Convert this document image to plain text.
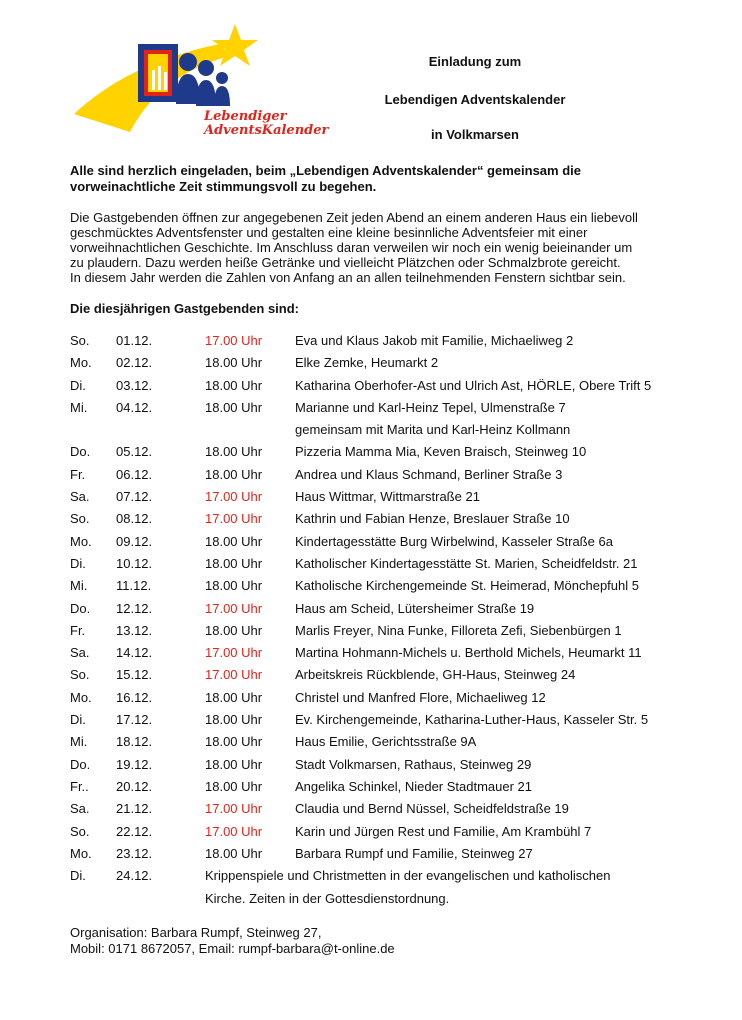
Lebendiger
AdventsKalender
Einladung zum
Lebendigen Adventskalender
in Volkmarsen
Alle sind herzlich eingeladen, beim „Lebendigen Adventskalender“ gemeinsam die vorweinachtliche Zeit stimmungsvoll zu begehen.

Die Gastgebenden öffnen zur angegebenen Zeit jeden Abend an einem anderen Haus ein liebevoll

geschmücktes Adventsfenster und gestalten eine kleine besinnliche Adventsfeier mit einer

vorweihnachtlichen Geschichte. Im Anschluss daran verweilen wir noch ein wenig beieinander um

zu plaudern. Dazu werden heiße Getränke und vielleicht Plätzchen oder Schmalzbrote gereicht.

In diesem Jahr werden die Zahlen von Anfang an an allen teilnehmenden Fenstern sichtbar sein.

Die diesjährigen Gastgebenden sind:
So. 01.12.	17.00 Uhr	Eva und Klaus Jakob mit Familie, Michaeliweg 2
Mo. 02.12.	18.00 Uhr	Elke Zemke, Heumarkt 2
Di. 03.12.	18.00 Uhr	Katharina Oberhofer-Ast und Ulrich Ast, HÖRLE, Obere Trift 5
Mi. 04.12.	18.00 Uhr	Marianne und Karl-Heinz Tepel, Ulmenstraße 7
gemeinsam mit Marita und Karl-Heinz Kollmann
Do. 05.12.	18.00 Uhr	Pizzeria Mamma Mia, Keven Braisch, Steinweg 10
Fr. 06.12.	18.00 Uhr	Andrea und Klaus Schmand, Berliner Straße 3
Sa. 07.12.	17.00 Uhr	Haus Wittmar, Wittmarstraße 21
So. 08.12.	17.00 Uhr	Kathrin und Fabian Henze, Breslauer Straße 10
Mo. 09.12.	18.00 Uhr	Kindertagesstätte Burg Wirbelwind, Kasseler Straße 6a
Di. 10.12.	18.00 Uhr	Katholischer Kindertagesstätte St. Marien, Scheidfeldstr. 21
Mi. 11.12.	18.00 Uhr	Katholische Kirchengemeinde St. Heimerad, Mönchepfuhl 5
Do. 12.12.	17.00 Uhr	Haus am Scheid, Lütersheimer Straße 19
Fr. 13.12.	18.00 Uhr	Marlis Freyer, Nina Funke, Filloreta Zefi, Siebenbürgen 1
Sa. 14.12.	17.00 Uhr	Martina Hohmann-Michels u. Berthold Michels, Heumarkt 11
So. 15.12.	17.00 Uhr	Arbeitskreis Rückblende, GH-Haus, Steinweg 24
Mo. 16.12.	18.00 Uhr	Christel und Manfred Flore, Michaeliweg 12
Di. 17.12.	18.00 Uhr	Ev. Kirchengemeinde, Katharina-Luther-Haus, Kasseler Str. 5
Mi. 18.12.	18.00 Uhr	Haus Emilie, Gerichtsstraße 9A
Do. 19.12.	18.00 Uhr	Stadt Volkmarsen, Rathaus, Steinweg 29
Fr.. 20.12.	18.00 Uhr	Angelika Schinkel, Nieder Stadtmauer 21
Sa. 21.12.	17.00 Uhr	Claudia und Bernd Nüssel, Scheidfeldstraße 19
So. 22.12.	17.00 Uhr	Karin und Jürgen Rest und Familie, Am Krambühl 7
Mo. 23.12.	18.00 Uhr	Barbara Rumpf und Familie, Steinweg 27
Di. 24.12.	Krippenspiele und Christmetten in der evangelischen und katholischen
Kirche. Zeiten in der Gottesdienstordnung.
Organisation: Barbara Rumpf, Steinweg 27,
Mobil: 0171 8672057, Email: rumpf-barbara@t-online.de
